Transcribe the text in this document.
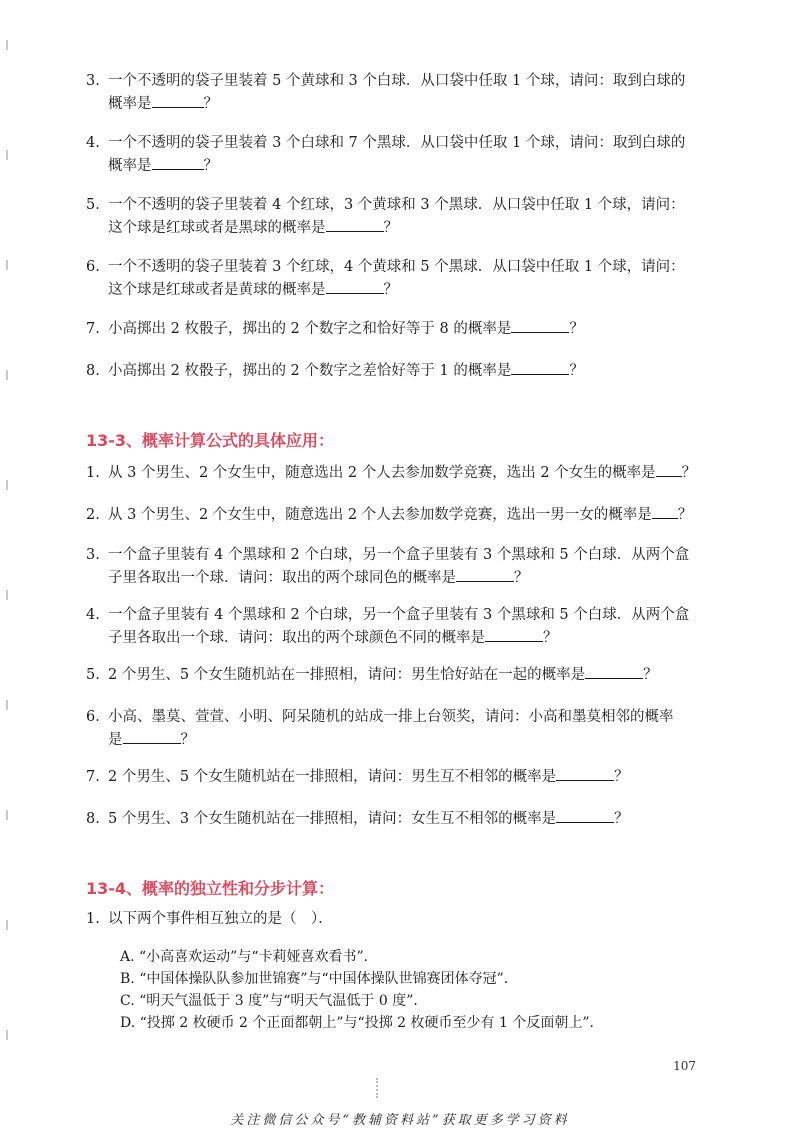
3. 一个不透明的袋子里装着 5 个黄球和 3 个白球．从口袋中任取 1 个球，请问：取到白球的
概率是	？
4. 一个不透明的袋子里装着 3 个白球和 7 个黑球．从口袋中任取 1 个球，请问：取到白球的
概率是	？
5. 一个不透明的袋子里装着 4 个红球，3 个黄球和 3 个黑球．从口袋中任取 1 个球，请问：
这个球是红球或者是黑球的概率是	？
6. 一个不透明的袋子里装着 3 个红球，4 个黄球和 5 个黑球．从口袋中任取 1 个球，请问：
这个球是红球或者是黄球的概率是	？
7. 小高掷出 2 枚骰子，掷出的 2 个数字之和恰好等于 8 的概率是	？
8. 小高掷出 2 枚骰子，掷出的 2 个数字之差恰好等于 1 的概率是	？
13-3、概率计算公式的具体应用：
1. 从 3 个男生、2 个女生中，随意选出 2 个人去参加数学竞赛，选出 2 个女生的概率是 ？
2. 从 3 个男生、2 个女生中，随意选出 2 个人去参加数学竞赛，选出一男一女的概率是 ？
3. 一个盒子里装有 4 个黑球和 2 个白球，另一个盒子里装有 3 个黑球和 5 个白球．从两个盒
子里各取出一个球．请问：取出的两个球同色的概率是	？
4. 一个盒子里装有 4 个黑球和 2 个白球，另一个盒子里装有 3 个黑球和 5 个白球．从两个盒
子里各取出一个球．请问：取出的两个球颜色不同的概率是	？
5. 2 个男生、5 个女生随机站在一排照相，请问：男生恰好站在一起的概率是	？
6. 小高、墨莫、萱萱、小明、阿呆随机的站成一排上台领奖，请问：小高和墨莫相邻的概率
是	？
7. 2 个男生、5 个女生随机站在一排照相，请问：男生互不相邻的概率是	？
8. 5 个男生、3 个女生随机站在一排照相，请问：女生互不相邻的概率是	？
13-4、概率的独立性和分步计算：
1. 以下两个事件相互独立的是（　）．

A. “小高喜欢运动”与“卡莉娅喜欢看书”．

B. “中国体操队队参加世锦赛”与“中国体操队世锦赛团体夺冠”．

C. “明天气温低于 3 度”与“明天气温低于 0 度”．

D. “投掷 2 枚硬币 2 个正面都朝上”与“投掷 2 枚硬币至少有 1 个反面朝上”．

107
关注微信公众号“教辅资料站”获取更多学习资料
